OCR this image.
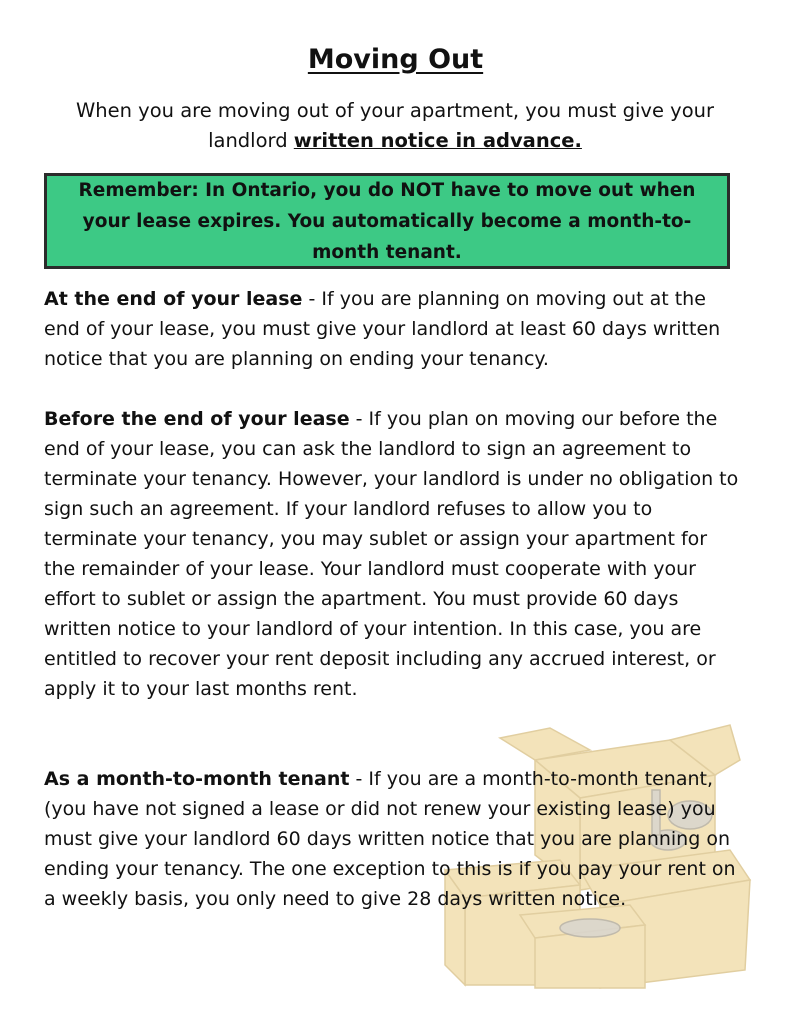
Moving Out

When you are moving out of your apartment, you must give your landlord written notice in advance.

Remember: In Ontario, you do NOT have to move out when your lease expires. You automatically become a month-to-month tenant.

At the end of your lease - If you are planning on moving out at the end of your lease, you must give your landlord at least 60 days written notice that you are planning on ending your tenancy.

Before the end of your lease - If you plan on moving our before the end of your lease, you can ask the landlord to sign an agreement to terminate your tenancy. However, your landlord is under no obligation to sign such an agreement. If your landlord refuses to allow you to terminate your tenancy, you may sublet or assign your apartment for the remainder of your lease. Your landlord must cooperate with your effort to sublet or assign the apartment. You must provide 60 days written notice to your landlord of your intention. In this case, you are entitled to recover your rent deposit including any accrued interest, or apply it to your last months rent.

As a month-to-month tenant - If you are a month-to-month tenant, (you have not signed a lease or did not renew your existing lease) you must give your landlord 60 days written notice that you are planning on ending your tenancy. The one exception to this is if you pay your rent on a weekly basis, you only need to give 28 days written notice.
